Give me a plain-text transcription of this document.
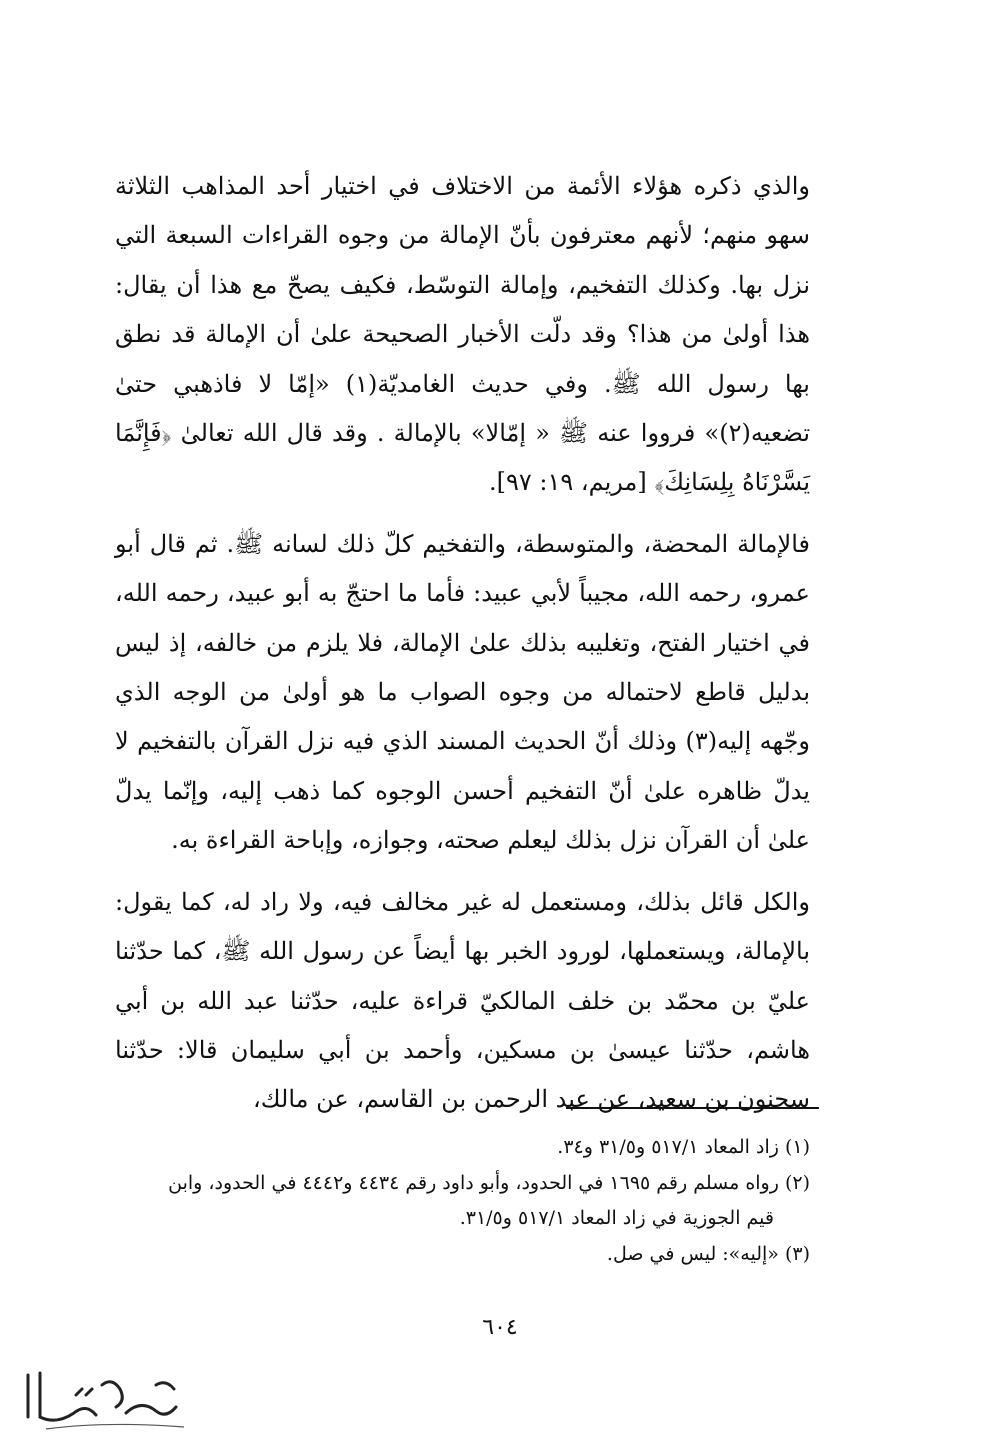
والذي ذكره هؤلاء الأئمة من الاختلاف في اختيار أحد المذاهب الثلاثة سهو منهم؛ لأنهم معترفون بأنّ الإمالة من وجوه القراءات السبعة التي نزل بها. وكذلك التفخيم، وإمالة التوسّط، فكيف يصحّ مع هذا أن يقال: هذا أولىٰ من هذا؟ وقد دلّت الأخبار الصحيحة علىٰ أن الإمالة قد نطق بها رسول الله ﷺ. وفي حديث الغامديّة(١) «إمّا لا فاذهبي حتىٰ تضعيه(٢)» فرووا عنه ﷺ « إمّالا» بالإمالة . وقد قال الله تعالىٰ ﴿فَإِنَّمَا يَسَّرْنَاهُ بِلِسَانِكَ﴾ [مريم، ١٩: ٩٧].

فالإمالة المحضة، والمتوسطة، والتفخيم كلّ ذلك لسانه ﷺ. ثم قال أبو عمرو، رحمه الله، مجيباً لأبي عبيد: فأما ما احتجّ به أبو عبيد، رحمه الله، في اختيار الفتح، وتغليبه بذلك علىٰ الإمالة، فلا يلزم من خالفه، إذ ليس بدليل قاطع لاحتماله من وجوه الصواب ما هو أولىٰ من الوجه الذي وجّهه إليه(٣) وذلك أنّ الحديث المسند الذي فيه نزل القرآن بالتفخيم لا يدلّ ظاهره علىٰ أنّ التفخيم أحسن الوجوه كما ذهب إليه، وإنّما يدلّ علىٰ أن القرآن نزل بذلك ليعلم صحته، وجوازه، وإباحة القراءة به.

والكل قائل بذلك، ومستعمل له غير مخالف فيه، ولا راد له، كما يقول: بالإمالة، ويستعملها، لورود الخبر بها أيضاً عن رسول الله ﷺ، كما حدّثنا عليّ بن محمّد بن خلف المالكيّ قراءة عليه، حدّثنا عبد الله بن أبي هاشم، حدّثنا عيسىٰ بن مسكين، وأحمد بن أبي سليمان قالا: حدّثنا سحنون بن سعيد، عن عبد الرحمن بن القاسم، عن مالك،

(١) زاد المعاد ٥١٧/١ و٣١/٥ و٣٤.

(٢) رواه مسلم رقم ١٦٩٥ في الحدود، وأبو داود رقم ٤٤٣٤ و٤٤٤٢ في الحدود، وابن
قيم الجوزية في زاد المعاد ٥١٧/١ و٣١/٥.

(٣) «إليه»: ليس في صل.

٦٠٤
